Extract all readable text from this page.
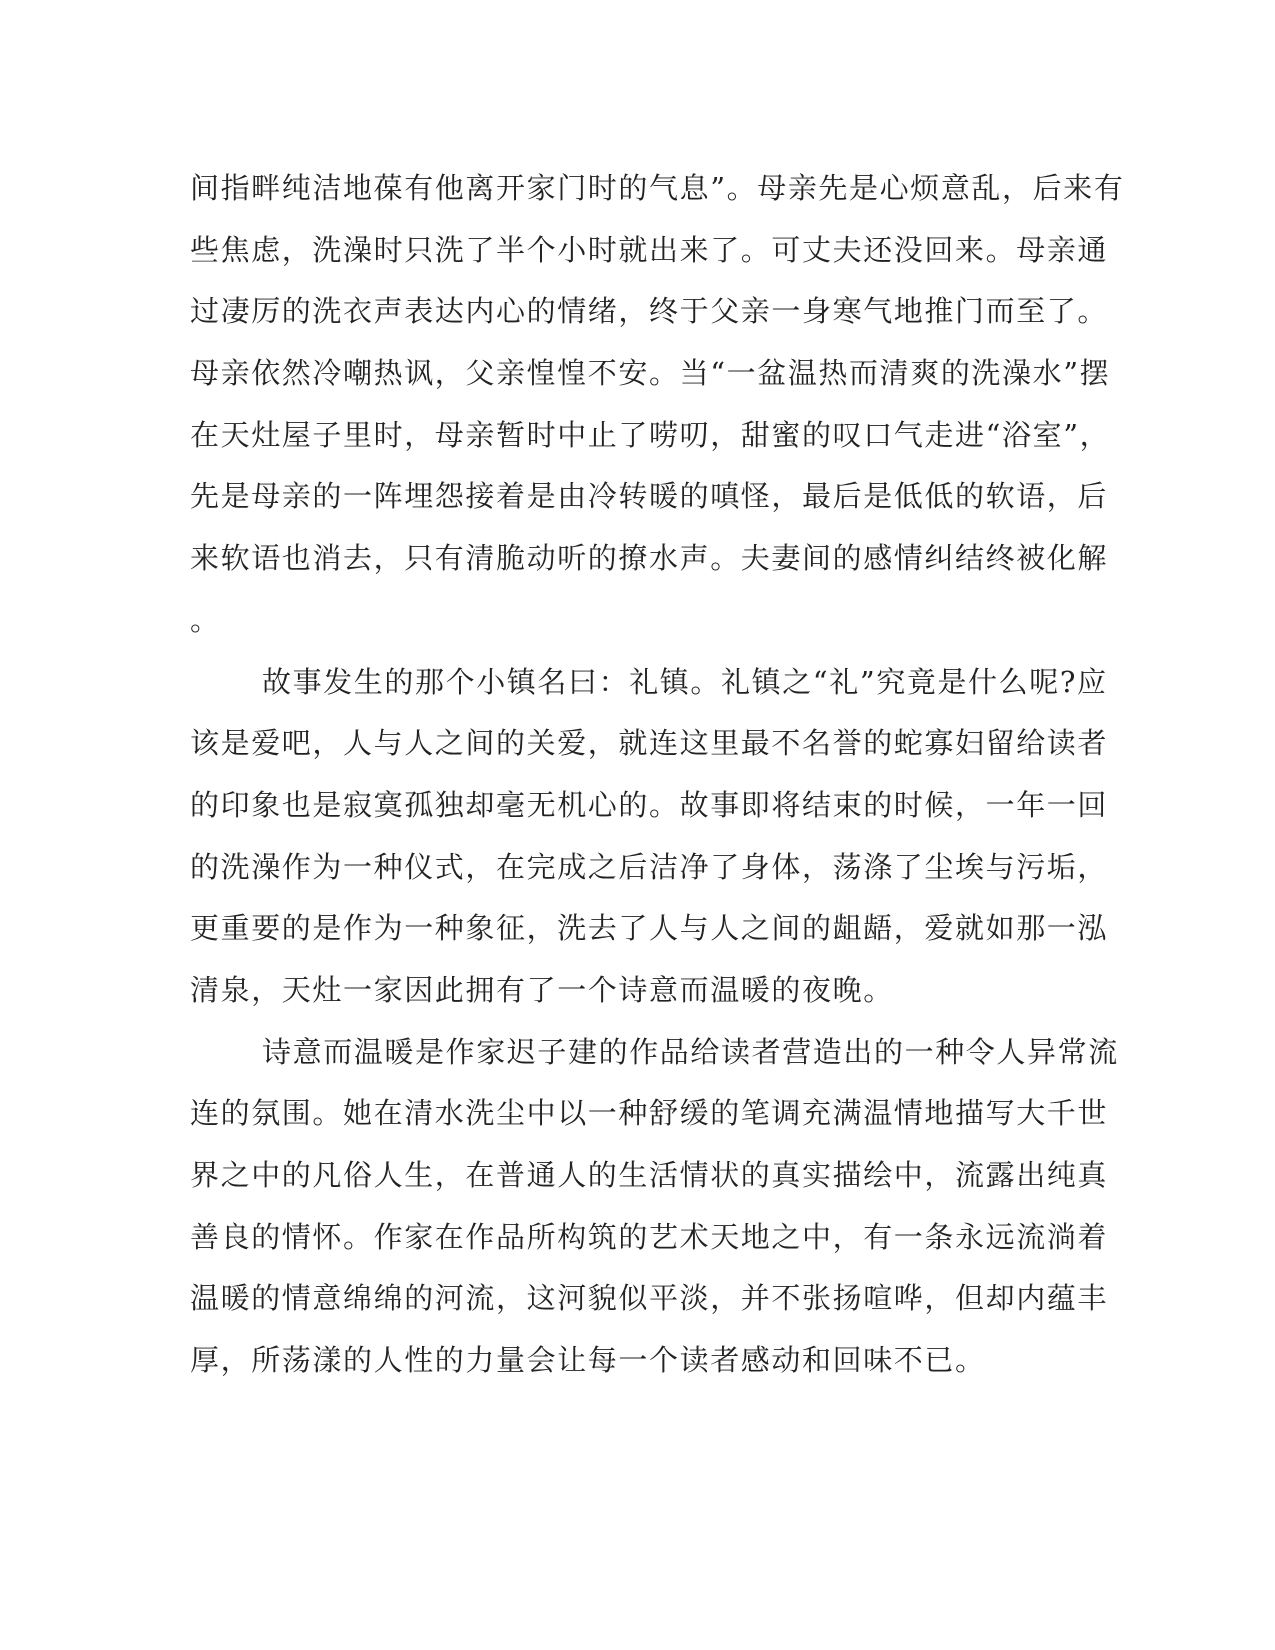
间指畔纯洁地葆有他离开家门时的气息”。母亲先是心烦意乱，后来有
些焦虑，洗澡时只洗了半个小时就出来了。可丈夫还没回来。母亲通
过凄厉的洗衣声表达内心的情绪，终于父亲一身寒气地推门而至了。
母亲依然冷嘲热讽，父亲惶惶不安。当“一盆温热而清爽的洗澡水”摆
在天灶屋子里时，母亲暂时中止了唠叨，甜蜜的叹口气走进“浴室”，
先是母亲的一阵埋怨接着是由冷转暖的嗔怪，最后是低低的软语，后
来软语也消去，只有清脆动听的撩水声。夫妻间的感情纠结终被化解
。
故事发生的那个小镇名曰：礼镇。礼镇之“礼”究竟是什么呢?应
该是爱吧，人与人之间的关爱，就连这里最不名誉的蛇寡妇留给读者
的印象也是寂寞孤独却毫无机心的。故事即将结束的时候，一年一回
的洗澡作为一种仪式，在完成之后洁净了身体，荡涤了尘埃与污垢，
更重要的是作为一种象征，洗去了人与人之间的龃龉，爱就如那一泓
清泉，天灶一家因此拥有了一个诗意而温暖的夜晚。
诗意而温暖是作家迟子建的作品给读者营造出的一种令人异常流
连的氛围。她在清水洗尘中以一种舒缓的笔调充满温情地描写大千世
界之中的凡俗人生，在普通人的生活情状的真实描绘中，流露出纯真
善良的情怀。作家在作品所构筑的艺术天地之中，有一条永远流淌着
温暖的情意绵绵的河流，这河貌似平淡，并不张扬喧哗，但却内蕴丰
厚，所荡漾的人性的力量会让每一个读者感动和回味不已。
